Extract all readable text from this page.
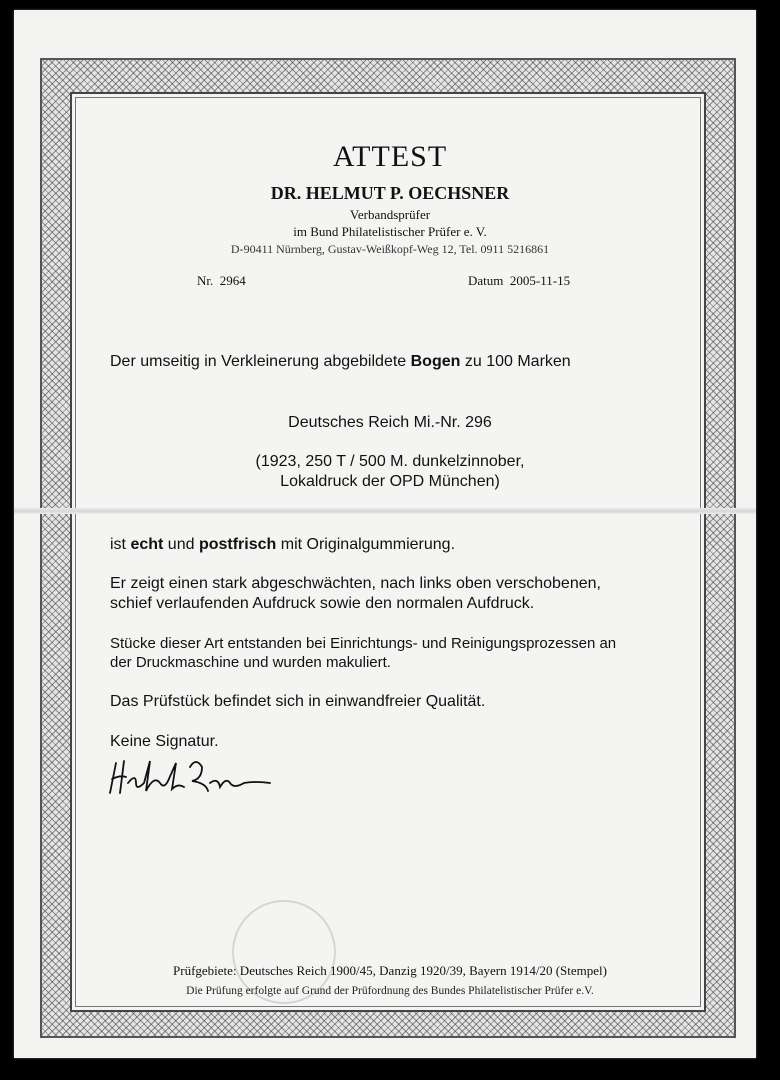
ATTEST
DR. HELMUT P. OECHSNER
Verbandsprüfer
im Bund Philatelistischer Prüfer e. V.
D-90411 Nürnberg, Gustav-Weißkopf-Weg 12, Tel. 0911 5216861
Nr. 2964	Datum 2005-11-15
Der umseitig in Verkleinerung abgebildete Bogen zu 100 Marken
Deutsches Reich Mi.-Nr. 296
(1923, 250 T / 500 M. dunkelzinnober,
Lokaldruck der OPD München)
ist echt und postfrisch mit Originalgummierung.
Er zeigt einen stark abgeschwächten, nach links oben verschobenen,
schief verlaufenden Aufdruck sowie den normalen Aufdruck.
Stücke dieser Art entstanden bei Einrichtungs- und Reinigungsprozessen an
der Druckmaschine und wurden makuliert.
Das Prüfstück befindet sich in einwandfreier Qualität.
Keine Signatur.
Prüfgebiete: Deutsches Reich 1900/45, Danzig 1920/39, Bayern 1914/20 (Stempel)
Die Prüfung erfolgte auf Grund der Prüfordnung des Bundes Philatelistischer Prüfer e.V.
